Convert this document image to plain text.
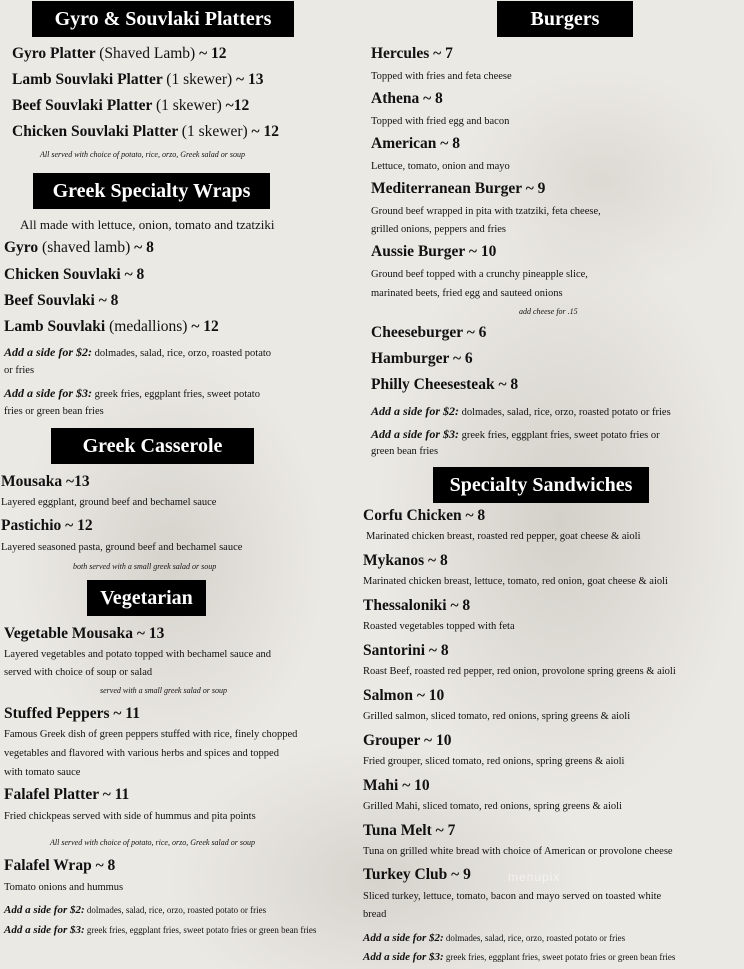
Gyro & Souvlaki Platters
Gyro Platter (Shaved Lamb) ~ 12
Lamb Souvlaki Platter (1 skewer) ~ 13
Beef Souvlaki Platter (1 skewer) ~12
Chicken Souvlaki Platter (1 skewer) ~ 12
All served with choice of potato, rice, orzo, Greek salad or soup
Greek Specialty Wraps
All made with lettuce, onion, tomato and tzatziki
Gyro (shaved lamb) ~ 8
Chicken Souvlaki ~ 8
Beef Souvlaki ~ 8
Lamb Souvlaki (medallions) ~ 12
Add a side for $2: dolmades, salad, rice, orzo, roasted potato
or fries
Add a side for $3: greek fries, eggplant fries, sweet potato
fries or green bean fries
Greek Casserole
Mousaka ~13
Layered eggplant, ground beef and bechamel sauce
Pastichio ~ 12
Layered seasoned pasta, ground beef and bechamel sauce
both served with a small greek salad or soup
Vegetarian
Vegetable Mousaka ~ 13
Layered vegetables and potato topped with bechamel sauce and
served with choice of soup or salad
served with a small greek salad or soup
Stuffed Peppers ~ 11
Famous Greek dish of green peppers stuffed with rice, finely chopped
vegetables and flavored with various herbs and spices and topped
with tomato sauce
Falafel Platter ~ 11
Fried chickpeas served with side of hummus and pita points
All served with choice of potato, rice, orzo, Greek salad or soup
Falafel Wrap ~ 8
Tomato onions and hummus
Add a side for $2: dolmades, salad, rice, orzo, roasted potato or fries
Add a side for $3: greek fries, eggplant fries, sweet potato fries or green bean fries
Burgers
Hercules ~ 7
Topped with fries and feta cheese
Athena ~ 8
Topped with fried egg and bacon
American ~ 8
Lettuce, tomato, onion and mayo
Mediterranean Burger ~ 9
Ground beef wrapped in pita with tzatziki, feta cheese,
grilled onions, peppers and fries
Aussie Burger ~ 10
Ground beef topped with a crunchy pineapple slice,
marinated beets, fried egg and sauteed onions
add cheese for .15
Cheeseburger ~ 6
Hamburger ~ 6
Philly Cheesesteak ~ 8
Add a side for $2: dolmades, salad, rice, orzo, roasted potato or fries
Add a side for $3: greek fries, eggplant fries, sweet potato fries or
green bean fries
Specialty Sandwiches
Corfu Chicken ~ 8
Marinated chicken breast, roasted red pepper, goat cheese & aioli
Mykanos ~ 8
Marinated chicken breast, lettuce, tomato, red onion, goat cheese & aioli
Thessaloniki ~ 8
Roasted vegetables topped with feta
Santorini ~ 8
Roast Beef, roasted red pepper, red onion, provolone spring greens & aioli
Salmon ~ 10
Grilled salmon, sliced tomato, red onions, spring greens & aioli
Grouper ~ 10
Fried grouper, sliced tomato, red onions, spring greens & aioli
Mahi ~ 10
Grilled Mahi, sliced tomato, red onions, spring greens & aioli
Tuna Melt ~ 7
Tuna on grilled white bread with choice of American or provolone cheese
Turkey Club ~ 9
Sliced turkey, lettuce, tomato, bacon and mayo served on toasted white
bread
Add a side for $2: dolmades, salad, rice, orzo, roasted potato or fries
Add a side for $3: greek fries, eggplant fries, sweet potato fries or green bean fries
menupix
